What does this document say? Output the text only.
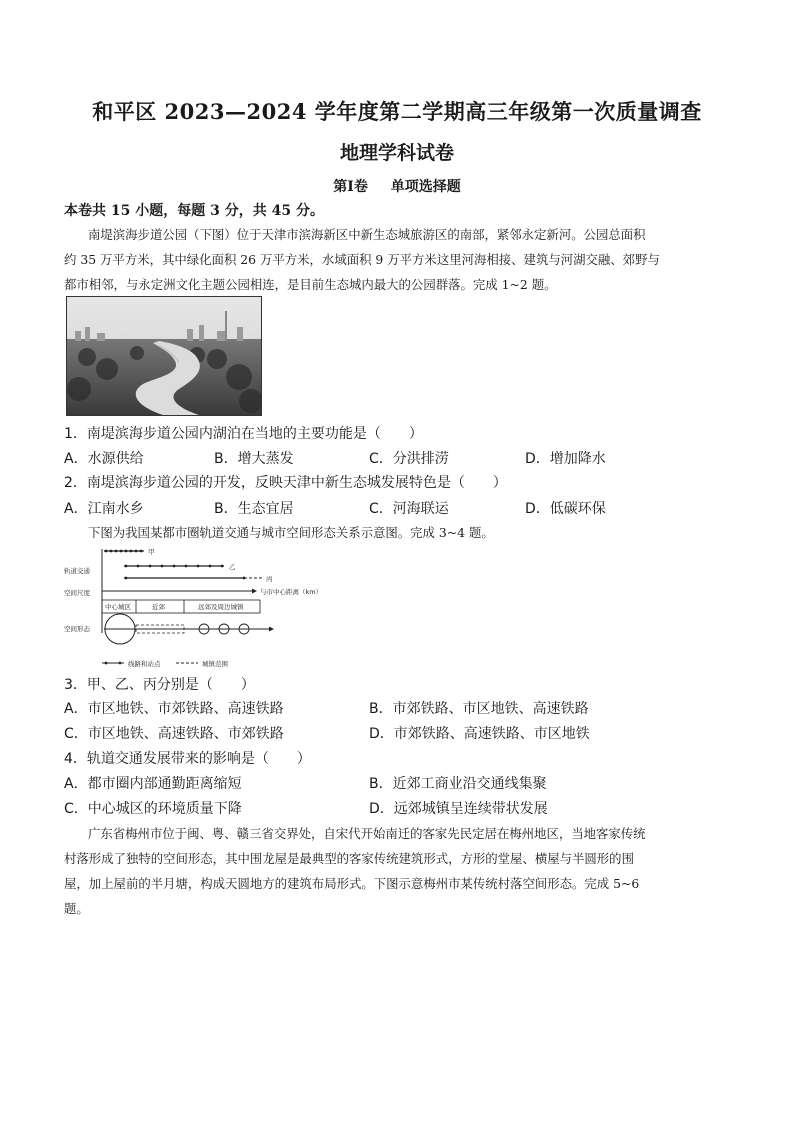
和平区 2023—2024 学年度第二学期高三年级第一次质量调查
地理学科试卷
第Ⅰ卷 单项选择题
本卷共 15 小题，每题 3 分，共 45 分。
南堤滨海步道公园（下图）位于天津市滨海新区中新生态城旅游区的南部，紧邻永定新河。公园总面积
约 35 万平方米，其中绿化面积 26 万平方米，水域面积 9 万平方米这里河海相接、建筑与河湖交融、郊野与
都市相邻，与永定洲文化主题公园相连，是目前生态城内最大的公园群落。完成 1~2 题。
1．南堤滨海步道公园内湖泊在当地的主要功能是（　　）
A．水源供给	B．增大蒸发	C．分洪排涝	D．增加降水
2．南堤滨海步道公园的开发，反映天津中新生态城发展特色是（　　）
A．江南水乡	B．生态宜居	C．河海联运	D．低碳环保
下图为我国某都市圈轨道交通与城市空间形态关系示意图。完成 3~4 题。
轨道交通
空间尺度
空间形态
甲
乙
丙
与市中心距离（km）
中心城区	近郊	远郊及周边城镇
线路和站点	城镇范围
3．甲、乙、丙分别是（　　）
A．市区地铁、市郊铁路、高速铁路	B．市郊铁路、市区地铁、高速铁路
C．市区地铁、高速铁路、市郊铁路	D．市郊铁路、高速铁路、市区地铁
4．轨道交通发展带来的影响是（　　）
A．都市圈内部通勤距离缩短	B．近郊工商业沿交通线集聚
C．中心城区的环境质量下降	D．远郊城镇呈连续带状发展
广东省梅州市位于闽、粤、赣三省交界处，自宋代开始南迁的客家先民定居在梅州地区，当地客家传统
村落形成了独特的空间形态，其中围龙屋是最典型的客家传统建筑形式，方形的堂屋、横屋与半圆形的围
屋，加上屋前的半月塘，构成天圆地方的建筑布局形式。下图示意梅州市某传统村落空间形态。完成 5~6
题。
